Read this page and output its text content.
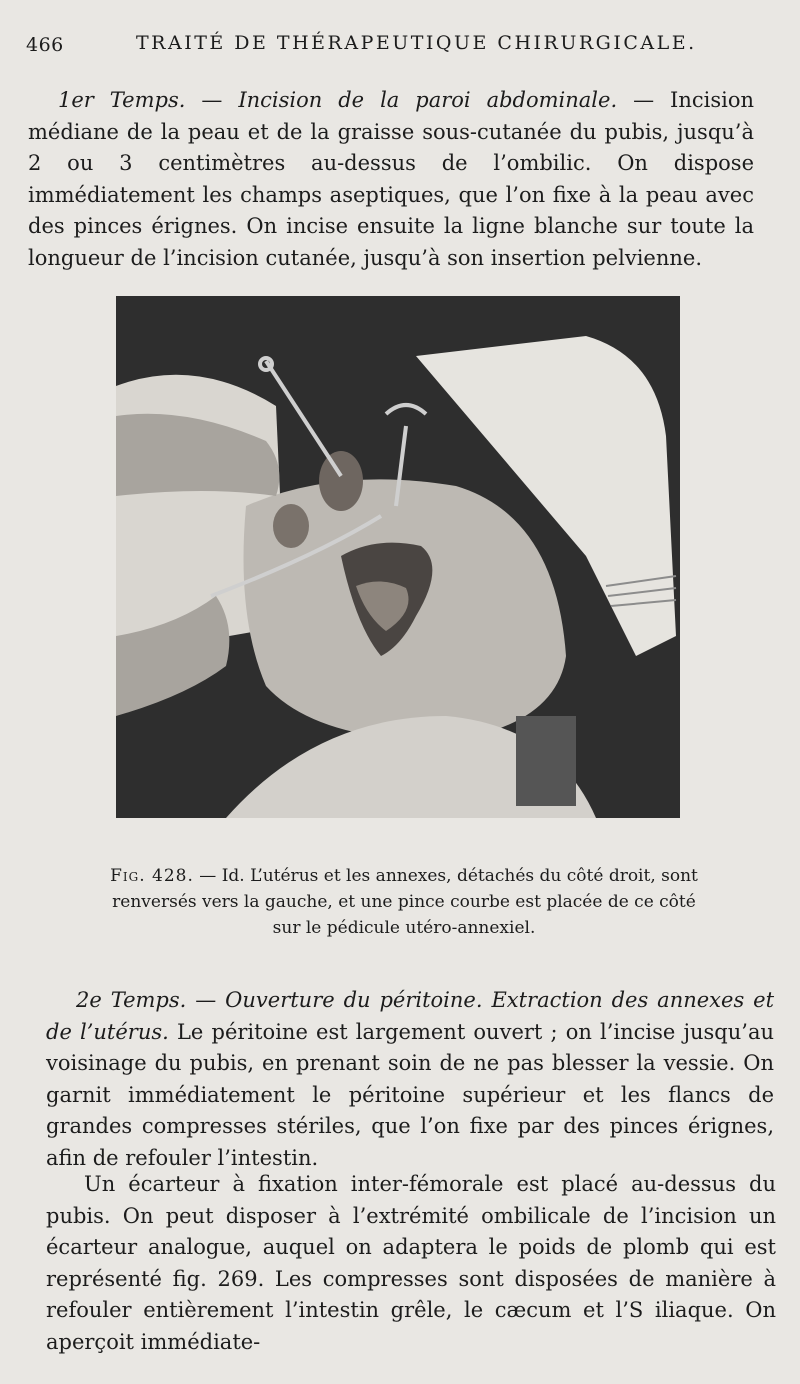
466	TRAITÉ DE THÉRAPEUTIQUE CHIRURGICALE.

1er Temps. — Incision de la paroi abdominale. — Incision médiane de la peau et de la graisse sous-cutanée du pubis, jusqu’à 2 ou 3 centimètres au-dessus de l’ombilic. On dispose immédiatement les champs aseptiques, que l’on fixe à la peau avec des pinces érignes. On incise ensuite la ligne blanche sur toute la longueur de l’incision cutanée, jusqu’à son insertion pelvienne.

Fig. 428. — Id. L’utérus et les annexes, détachés du côté droit, sont renversés vers la gauche, et une pince courbe est placée de ce côté sur le pédicule utéro-annexiel.

2e Temps. — Ouverture du péritoine. Extraction des annexes et de l’utérus. Le péritoine est largement ouvert ; on l’incise jusqu’au voisinage du pubis, en prenant soin de ne pas blesser la vessie. On garnit immédiatement le péritoine supérieur et les flancs de grandes compresses stériles, que l’on fixe par des pinces érignes, afin de refouler l’intestin.

Un écarteur à fixation inter-fémorale est placé au-dessus du pubis. On peut disposer à l’extrémité ombilicale de l’incision un écarteur analogue, auquel on adaptera le poids de plomb qui est représenté fig. 269. Les compresses sont disposées de manière à refouler entièrement l’intestin grêle, le cæcum et l’S iliaque. On aperçoit immédiate-
